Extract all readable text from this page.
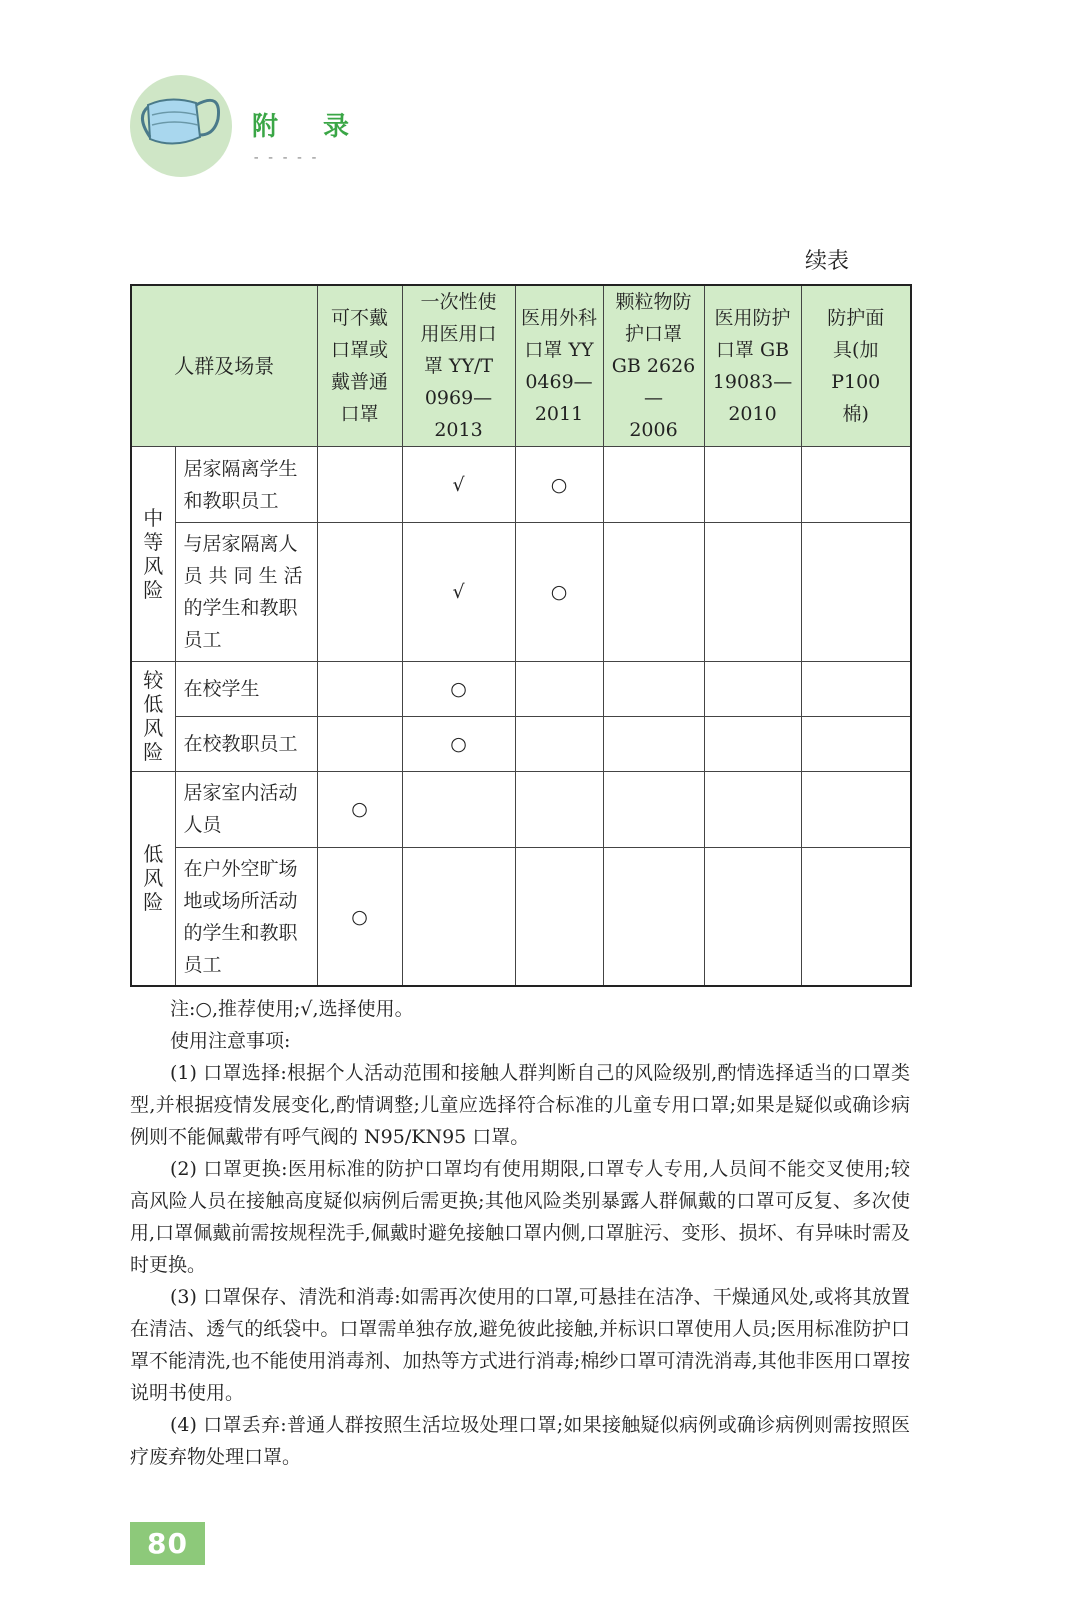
附 录
-----
续表
人群及场景		可不戴
口罩或
戴普通
口罩	一次性使
用医用口
罩 YY/T
0969—2013	医用外科
口罩 YY
0469—
2011	颗粒物防
护口罩
GB 2626—
2006	医用防护
口罩 GB
19083—
2010	防护面
具(加
P100
棉)

中
等
风
险	居家隔离学生
和教职员工		√	○			

	与居家隔离人
员 共 同 生 活
的学生和教职
员工		√	○			

较
低
风
险	在校学生		○				

	在校教职员工		○				

低
风
险	居家室内活动
人员	○					

	在户外空旷场
地或场所活动
的学生和教职
员工	○					

注:○,推荐使用;√,选择使用。

使用注意事项:

(1) 口罩选择:根据个人活动范围和接触人群判断自己的风险级别,酌情选择适当的口罩类型,并根据疫情发展变化,酌情调整;儿童应选择符合标准的儿童专用口罩;如果是疑似或确诊病例则不能佩戴带有呼气阀的 N95/KN95 口罩。

(2) 口罩更换:医用标准的防护口罩均有使用期限,口罩专人专用,人员间不能交叉使用;较高风险人员在接触高度疑似病例后需更换;其他风险类别暴露人群佩戴的口罩可反复、多次使用,口罩佩戴前需按规程洗手,佩戴时避免接触口罩内侧,口罩脏污、变形、损坏、有异味时需及时更换。

(3) 口罩保存、清洗和消毒:如需再次使用的口罩,可悬挂在洁净、干燥通风处,或将其放置在清洁、透气的纸袋中。口罩需单独存放,避免彼此接触,并标识口罩使用人员;医用标准防护口罩不能清洗,也不能使用消毒剂、加热等方式进行消毒;棉纱口罩可清洗消毒,其他非医用口罩按说明书使用。

(4) 口罩丢弃:普通人群按照生活垃圾处理口罩;如果接触疑似病例或确诊病例则需按照医疗废弃物处理口罩。

80
